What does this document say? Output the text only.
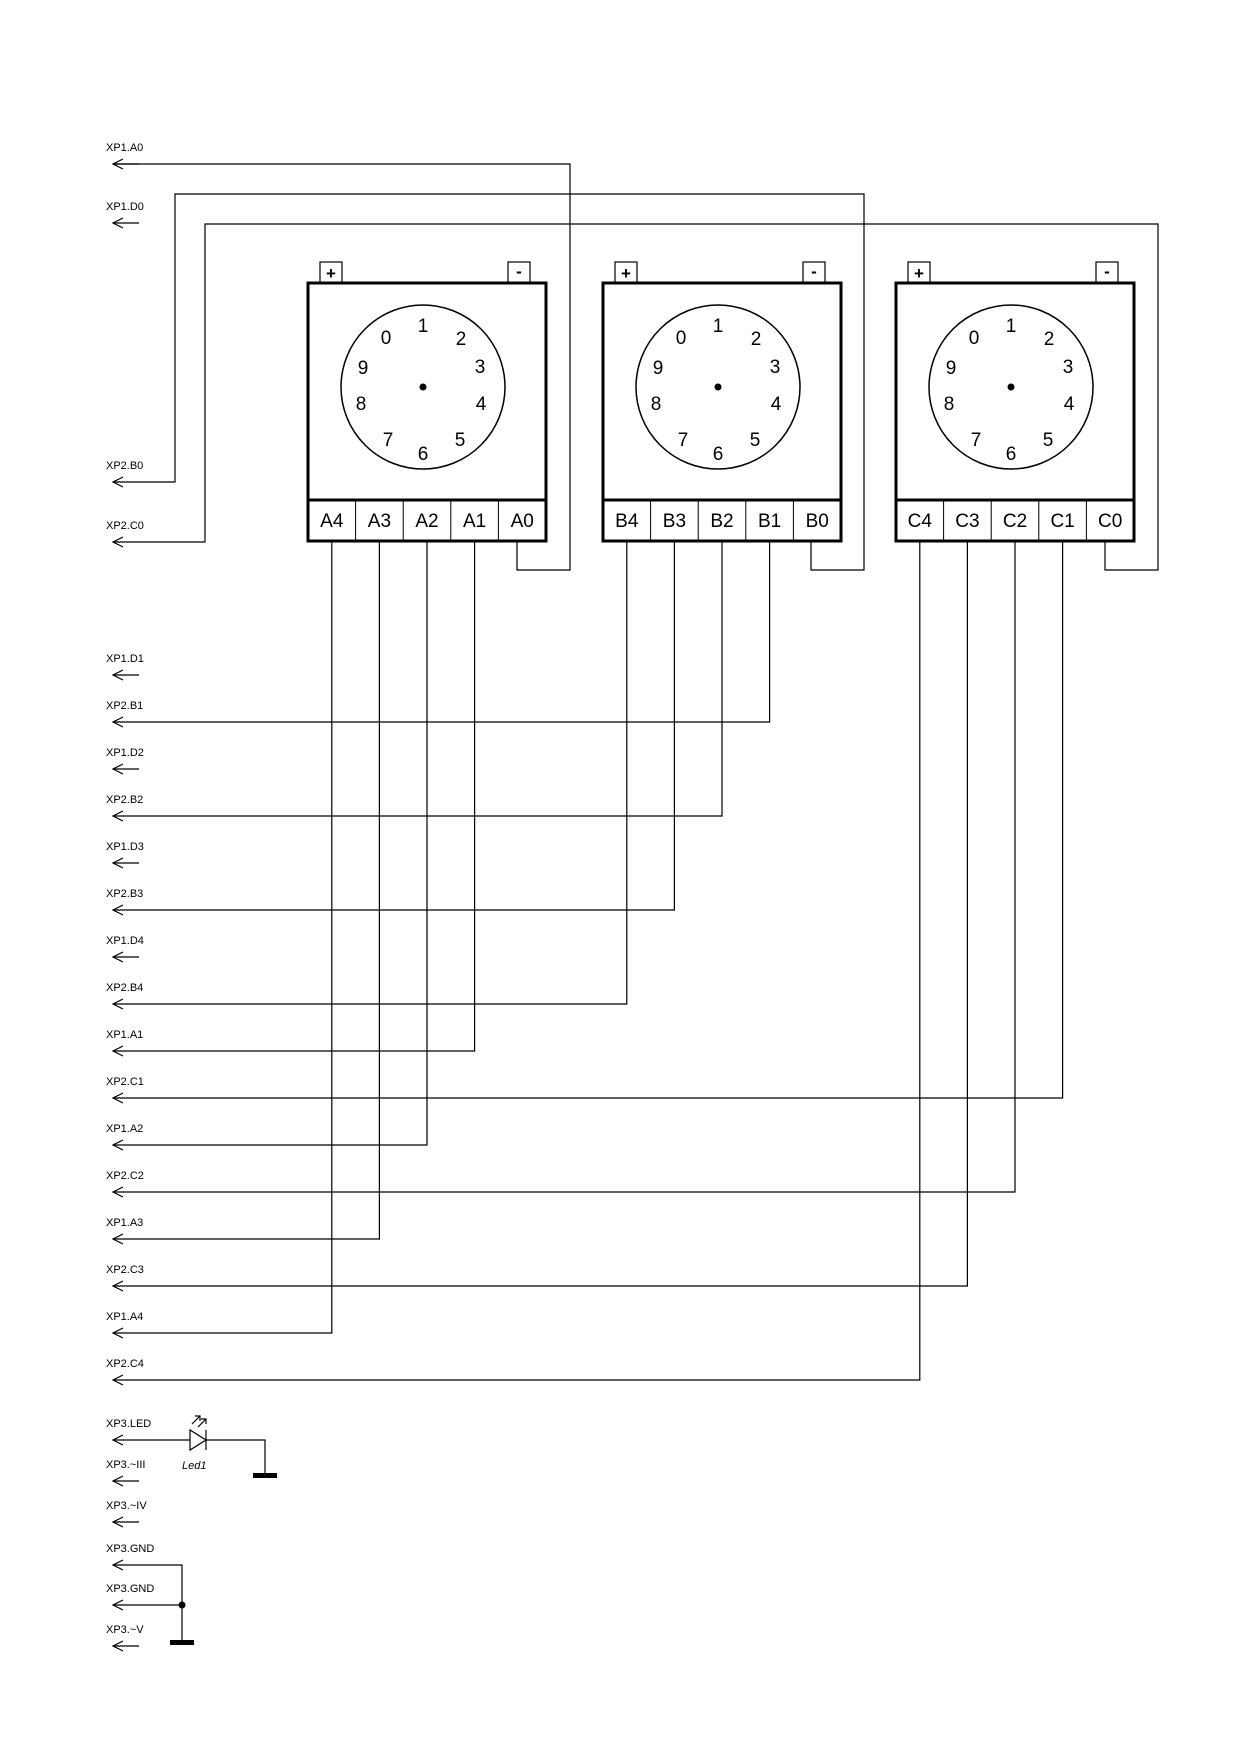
+	-
0
1
2
3
4
5
6
7
8
9
A4 A3 A2 A1 A0
+	-
0
1
2
3
4
5
6
7
8
9
B4 B3 B2 B1 B0
+	-
0
1
2
3
4
5
6
7
8
9
C4 C3 C2 C1 C0
XP1.A0
XP1.D0
XP2.B0
XP2.C0
XP1.D1
XP2.B1
XP1.D2
XP2.B2
XP1.D3
XP2.B3
XP1.D4
XP2.B4
XP1.A1
XP2.C1
XP1.A2
XP2.C2
XP1.A3
XP2.C3
XP1.A4
XP2.C4
XP3.LED
XP3.~III
XP3.~IV
XP3.GND
XP3.GND
XP3.~V
Led1
